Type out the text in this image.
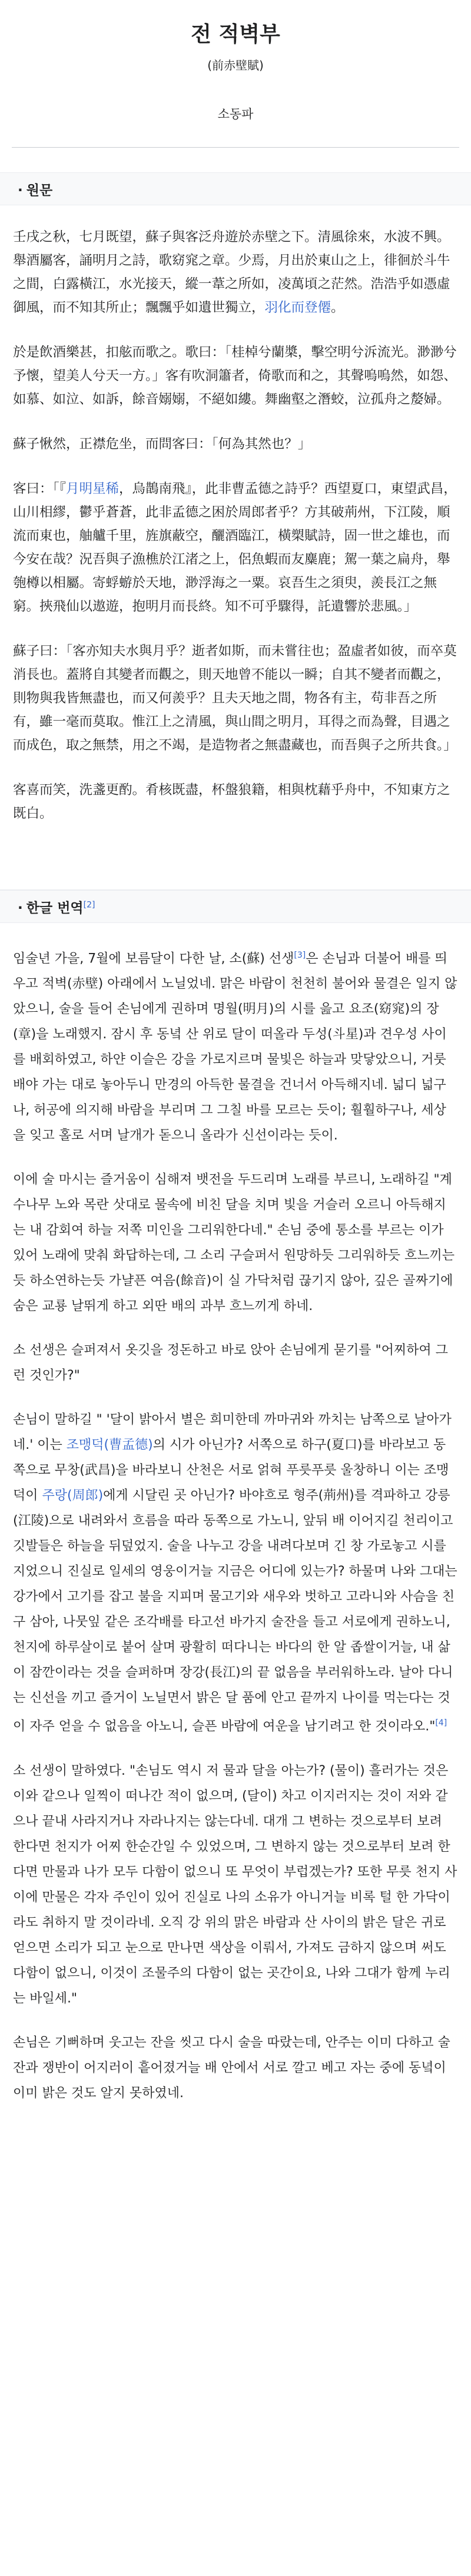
전 적벽부
(前赤壁賦)
소동파
· 원문

壬戌之秋，七月既望，蘇子與客泛舟遊於赤壁之下。清風徐來，水波不興。舉酒屬客，誦明月之詩，歌窈窕之章。少焉，月出於東山之上，徘徊於斗牛之間，白露橫江，水光接天，縱一葦之所如，凌萬頃之茫然。浩浩乎如憑虛御風，而不知其所止；飄飄乎如遺世獨立，羽化而登僊。

於是飲酒樂甚，扣舷而歌之。歌曰：「桂棹兮蘭槳，擊空明兮泝流光。渺渺兮予懷，望美人兮天一方。」客有吹洞簫者，倚歌而和之，其聲嗚嗚然，如怨、如慕、如泣、如訴，餘音嫋嫋，不絕如縷。舞幽壑之潛蛟，泣孤舟之嫠婦。

蘇子愀然，正襟危坐，而問客曰：「何為其然也？」

客曰：「『月明星稀，烏鵲南飛』，此非曹孟德之詩乎？西望夏口，東望武昌，山川相繆，鬱乎蒼蒼，此非孟德之困於周郎者乎？方其破荊州，下江陵，順流而東也，舳艫千里，旌旗蔽空，釃酒臨江，橫槊賦詩，固一世之雄也，而今安在哉？況吾與子漁樵於江渚之上，侶魚蝦而友麋鹿；駕一葉之扁舟，舉匏樽以相屬。寄蜉蝣於天地，渺浮海之一粟。哀吾生之須臾，羨長江之無窮。挾飛仙以遨遊，抱明月而長終。知不可乎驟得，託遺響於悲風。」

蘇子曰：「客亦知夫水與月乎？逝者如斯，而未嘗往也；盈虛者如彼，而卒莫消長也。蓋將自其變者而觀之，則天地曾不能以一瞬；自其不變者而觀之，則物與我皆無盡也，而又何羨乎？且夫天地之間，物各有主，苟非吾之所有，雖一毫而莫取。惟江上之清風，與山間之明月，耳得之而為聲，目遇之而成色，取之無禁，用之不竭，是造物者之無盡藏也，而吾與子之所共食。」

客喜而笑，洗盞更酌。肴核既盡，杯盤狼籍，相與枕藉乎舟中，不知東方之既白。

· 한글 번역[2]

임술년 가을, 7월에 보름달이 다한 날, 소(蘇) 선생[3]은 손님과 더불어 배를 띄우고 적벽(赤壁) 아래에서 노닐었네. 맑은 바람이 천천히 불어와 물결은 일지 않았으니, 술을 들어 손님에게 권하며 명월(明月)의 시를 읊고 요조(窈窕)의 장(章)을 노래했지. 잠시 후 동녘 산 위로 달이 떠올라 두성(斗星)과 견우성 사이를 배회하였고, 하얀 이슬은 강을 가로지르며 물빛은 하늘과 맞닿았으니, 거룻배야 가는 대로 놓아두니 만경의 아득한 물결을 건너서 아득해지네. 넓디 넓구나, 허공에 의지해 바람을 부리며 그 그칠 바를 모르는 듯이; 훨훨하구나, 세상을 잊고 홀로 서며 날개가 돋으니 올라가 신선이라는 듯이.

이에 술 마시는 즐거움이 심해져 뱃전을 두드리며 노래를 부르니, 노래하길 "계수나무 노와 목란 삿대로 물속에 비친 달을 치며 빛을 거슬러 오르니 아득해지는 내 감회여 하늘 저쪽 미인을 그리워한다네." 손님 중에 통소를 부르는 이가 있어 노래에 맞춰 화답하는데, 그 소리 구슬퍼서 원망하듯 그리워하듯 흐느끼는 듯 하소연하는듯 가냘픈 여음(餘音)이 실 가닥처럼 끊기지 않아, 깊은 골짜기에 숨은 교룡 날뛰게 하고 외딴 배의 과부 흐느끼게 하네.

소 선생은 슬퍼져서 옷깃을 정돈하고 바로 앉아 손님에게 묻기를 "어찌하여 그런 것인가?"

손님이 말하길 " '달이 밝아서 별은 희미한데 까마귀와 까치는 남쪽으로 날아가네.' 이는 조맹덕(曹孟德)의 시가 아닌가? 서쪽으로 하구(夏口)를 바라보고 동쪽으로 무창(武昌)을 바라보니 산천은 서로 얽혀 푸릇푸릇 울창하니 이는 조맹덕이 주랑(周郎)에게 시달린 곳 아닌가? 바야흐로 형주(荊州)를 격파하고 강릉(江陵)으로 내려와서 흐름을 따라 동쪽으로 가노니, 앞뒤 배 이어지길 천리이고 깃발들은 하늘을 뒤덮었지. 술을 나누고 강을 내려다보며 긴 창 가로놓고 시를 지었으니 진실로 일세의 영웅이거늘 지금은 어디에 있는가? 하물며 나와 그대는 강가에서 고기를 잡고 불을 지피며 물고기와 새우와 벗하고 고라니와 사슴을 친구 삼아, 나뭇잎 같은 조각배를 타고선 바가지 술잔을 들고 서로에게 권하노니, 천지에 하루살이로 붙어 살며 광활히 떠다니는 바다의 한 알 좁쌀이거늘, 내 삶이 잠깐이라는 것을 슬퍼하며 장강(長江)의 끝 없음을 부러워하노라. 날아 다니는 신선을 끼고 즐거이 노닐면서 밝은 달 품에 안고 끝까지 나이를 먹는다는 것이 자주 얻을 수 없음을 아노니, 슬픈 바람에 여운을 남기려고 한 것이라오."[4]

소 선생이 말하였다. "손님도 역시 저 물과 달을 아는가? (물이) 흘러가는 것은 이와 같으나 일찍이 떠나간 적이 없으며, (달이) 차고 이지러지는 것이 저와 같으나 끝내 사라지거나 자라나지는 않는다네. 대개 그 변하는 것으로부터 보려 한다면 천지가 어찌 한순간일 수 있었으며, 그 변하지 않는 것으로부터 보려 한다면 만물과 나가 모두 다함이 없으니 또 무엇이 부럽겠는가? 또한 무릇 천지 사이에 만물은 각자 주인이 있어 진실로 나의 소유가 아니거늘 비록 털 한 가닥이라도 취하지 말 것이라네. 오직 강 위의 맑은 바람과 산 사이의 밝은 달은 귀로 얻으면 소리가 되고 눈으로 만나면 색상을 이뤄서, 가져도 금하지 않으며 써도 다함이 없으니, 이것이 조물주의 다함이 없는 곳간이요, 나와 그대가 함께 누리는 바일세."

손님은 기뻐하며 웃고는 잔을 씻고 다시 술을 따랐는데, 안주는 이미 다하고 술잔과 쟁반이 어지러이 흩어졌거늘 배 안에서 서로 깔고 베고 자는 중에 동녘이 이미 밝은 것도 알지 못하였네.
